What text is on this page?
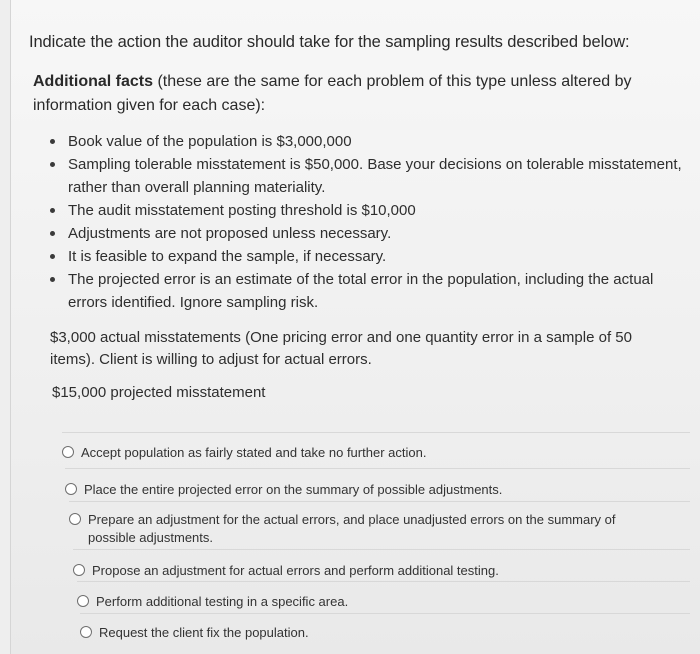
Indicate the action the auditor should take for the sampling results described below:
Additional facts (these are the same for each problem of this type unless altered by information given for each case):
Book value of the population is $3,000,000
Sampling tolerable misstatement is $50,000. Base your decisions on tolerable misstatement, rather than overall planning materiality.
The audit misstatement posting threshold is $10,000
Adjustments are not proposed unless necessary.
It is feasible to expand the sample, if necessary.
The projected error is an estimate of the total error in the population, including the actual errors identified. Ignore sampling risk.
$3,000 actual misstatements (One pricing error and one quantity error in a sample of 50 items). Client is willing to adjust for actual errors.
$15,000 projected misstatement
Accept population as fairly stated and take no further action.
Place the entire projected error on the summary of possible adjustments.
Prepare an adjustment for the actual errors, and place unadjusted errors on the summary of possible adjustments.
Propose an adjustment for actual errors and perform additional testing.
Perform additional testing in a specific area.
Request the client fix the population.
